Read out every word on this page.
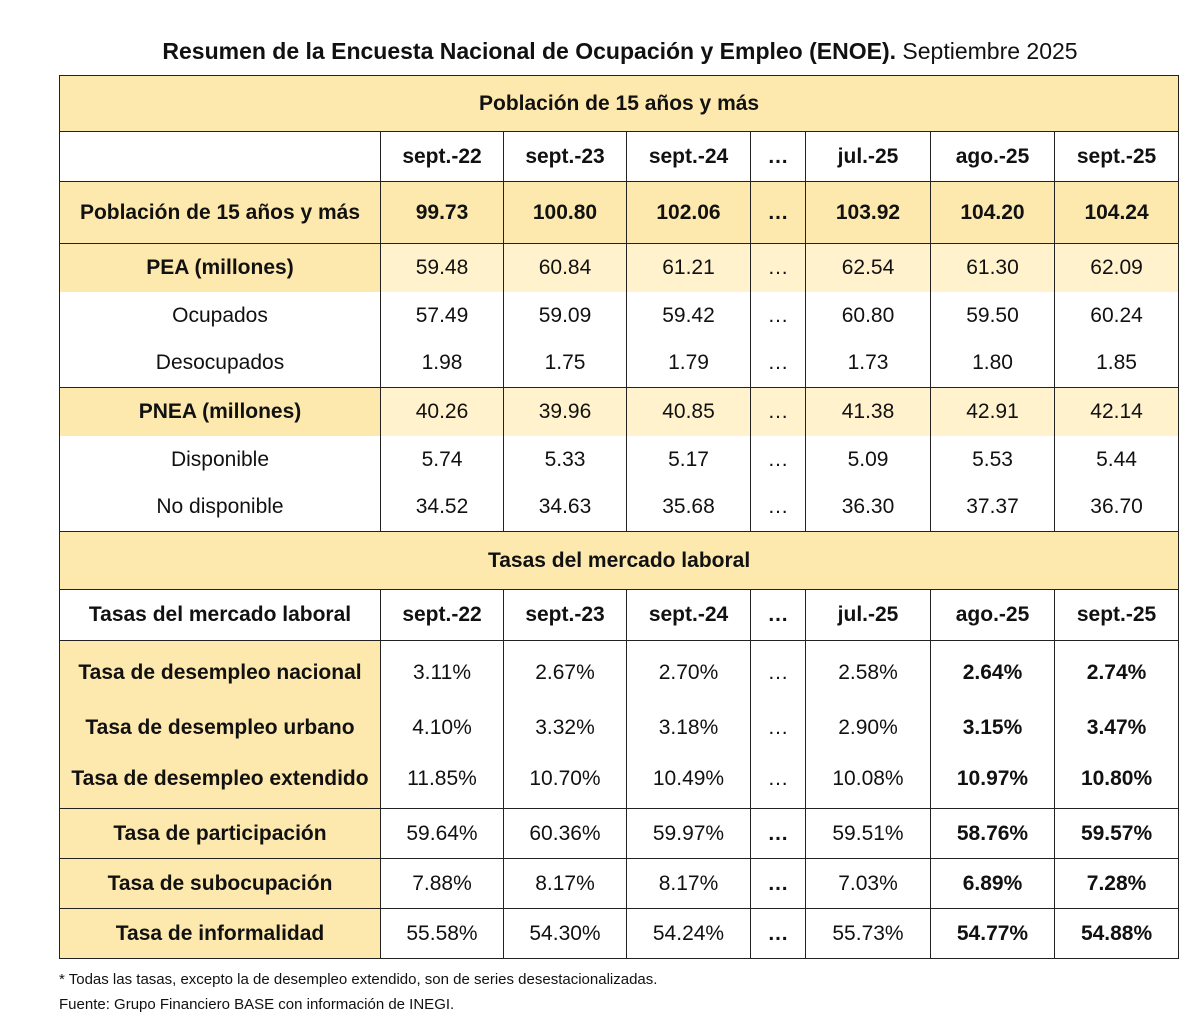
Resumen de la Encuesta Nacional de Ocupación y Empleo (ENOE). Septiembre 2025
Población de 15 años y más							
	sept.-22	sept.-23	sept.-24	…	jul.-25	ago.-25	sept.-25
Población de 15 años y más	99.73	100.80	102.06	…	103.92	104.20	104.24
PEA (millones)	59.48	60.84	61.21	…	62.54	61.30	62.09
Ocupados	57.49	59.09	59.42	…	60.80	59.50	60.24
Desocupados	1.98	1.75	1.79	…	1.73	1.80	1.85
PNEA (millones)	40.26	39.96	40.85	…	41.38	42.91	42.14
Disponible	5.74	5.33	5.17	…	5.09	5.53	5.44
No disponible	34.52	34.63	35.68	…	36.30	37.37	36.70
Tasas del mercado laboral							
Tasas del mercado laboral	sept.-22	sept.-23	sept.-24	…	jul.-25	ago.-25	sept.-25
Tasa de desempleo nacional	3.11%	2.67%	2.70%	…	2.58%	2.64%	2.74%
Tasa de desempleo urbano	4.10%	3.32%	3.18%	…	2.90%	3.15%	3.47%
Tasa de desempleo extendido	11.85%	10.70%	10.49%	…	10.08%	10.97%	10.80%
Tasa de participación	59.64%	60.36%	59.97%	…	59.51%	58.76%	59.57%
Tasa de subocupación	7.88%	8.17%	8.17%	…	7.03%	6.89%	7.28%
Tasa de informalidad	55.58%	54.30%	54.24%	…	55.73%	54.77%	54.88%
* Todas las tasas, excepto la de desempleo extendido, son de series desestacionalizadas.
Fuente: Grupo Financiero BASE con información de INEGI.
